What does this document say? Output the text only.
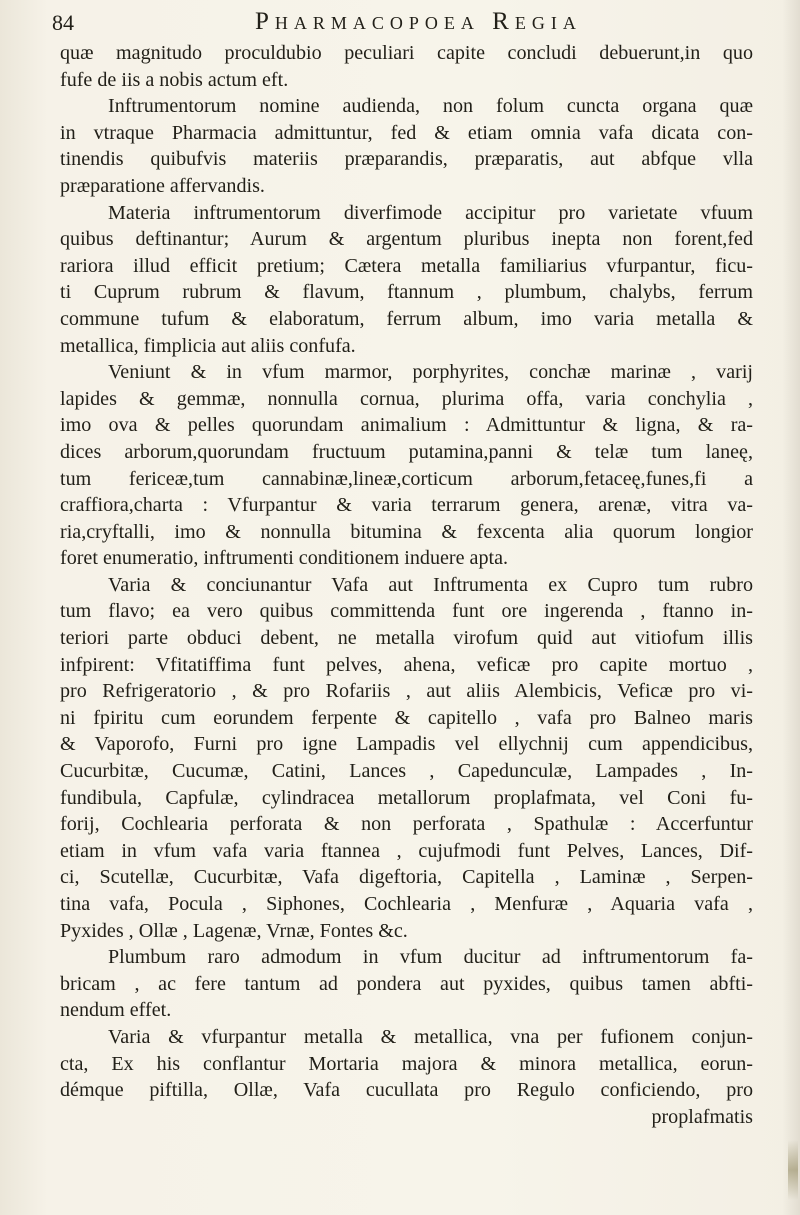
84	Pharmacopoea Regia
quæ magnitudo proculdubio peculiari capite concludi debuerunt,in quo
fufe de iis a nobis actum eft.
Inftrumentorum nomine audienda, non folum cuncta organa quæ
in vtraque Pharmacia admittuntur, fed & etiam omnia vafa dicata con-
tinendis quibufvis materiis præparandis, præparatis, aut abfque vlla
præparatione affervandis.
Materia inftrumentorum diverfimode accipitur pro varietate vfuum
quibus deftinantur; Aurum & argentum pluribus inepta non forent,fed
rariora illud efficit pretium; Cætera metalla familiarius vfurpantur, ficu-
ti Cuprum rubrum & flavum, ftannum , plumbum, chalybs, ferrum
commune tufum & elaboratum, ferrum album, imo varia metalla &
metallica, fimplicia aut aliis confufa.
Veniunt & in vfum marmor, porphyrites, conchæ marinæ , varij
lapides & gemmæ, nonnulla cornua, plurima offa, varia conchylia ,
imo ova & pelles quorundam animalium : Admittuntur & ligna, & ra-
dices arborum,quorundam fructuum putamina,panni & telæ tum laneę,
tum fericeæ,tum cannabinæ,lineæ,corticum arborum,fetaceę,funes,fi a
craffiora,charta : Vfurpantur & varia terrarum genera, arenæ, vitra va-
ria,cryftalli, imo & nonnulla bitumina & fexcenta alia quorum longior
foret enumeratio, inftrumenti conditionem induere apta.
Varia & conciunantur Vafa aut Inftrumenta ex Cupro tum rubro
tum flavo; ea vero quibus committenda funt ore ingerenda , ftanno in-
teriori parte obduci debent, ne metalla virofum quid aut vitiofum illis
infpirent: Vfitatiffima funt pelves, ahena, veficæ pro capite mortuo ,
pro Refrigeratorio , & pro Rofariis , aut aliis Alembicis, Veficæ pro vi-
ni fpiritu cum eorundem ferpente & capitello , vafa pro Balneo maris
& Vaporofo, Furni pro igne Lampadis vel ellychnij cum appendicibus,
Cucurbitæ, Cucumæ, Catini, Lances , Capedunculæ, Lampades , In-
fundibula, Capfulæ, cylindracea metallorum proplafmata, vel Coni fu-
forij, Cochlearia perforata & non perforata , Spathulæ : Accerfuntur
etiam in vfum vafa varia ftannea , cujufmodi funt Pelves, Lances, Dif-
ci, Scutellæ, Cucurbitæ, Vafa digeftoria, Capitella , Laminæ , Serpen-
tina vafa, Pocula , Siphones, Cochlearia , Menfuræ , Aquaria vafa ,
Pyxides , Ollæ , Lagenæ, Vrnæ, Fontes &c.
Plumbum raro admodum in vfum ducitur ad inftrumentorum fa-
bricam , ac fere tantum ad pondera aut pyxides, quibus tamen abfti-
nendum effet.
Varia & vfurpantur metalla & metallica, vna per fufionem conjun-
cta, Ex his conflantur Mortaria majora & minora metallica, eorun-
démque piftilla, Ollæ, Vafa cucullata pro Regulo conficiendo, pro
proplafmatis
